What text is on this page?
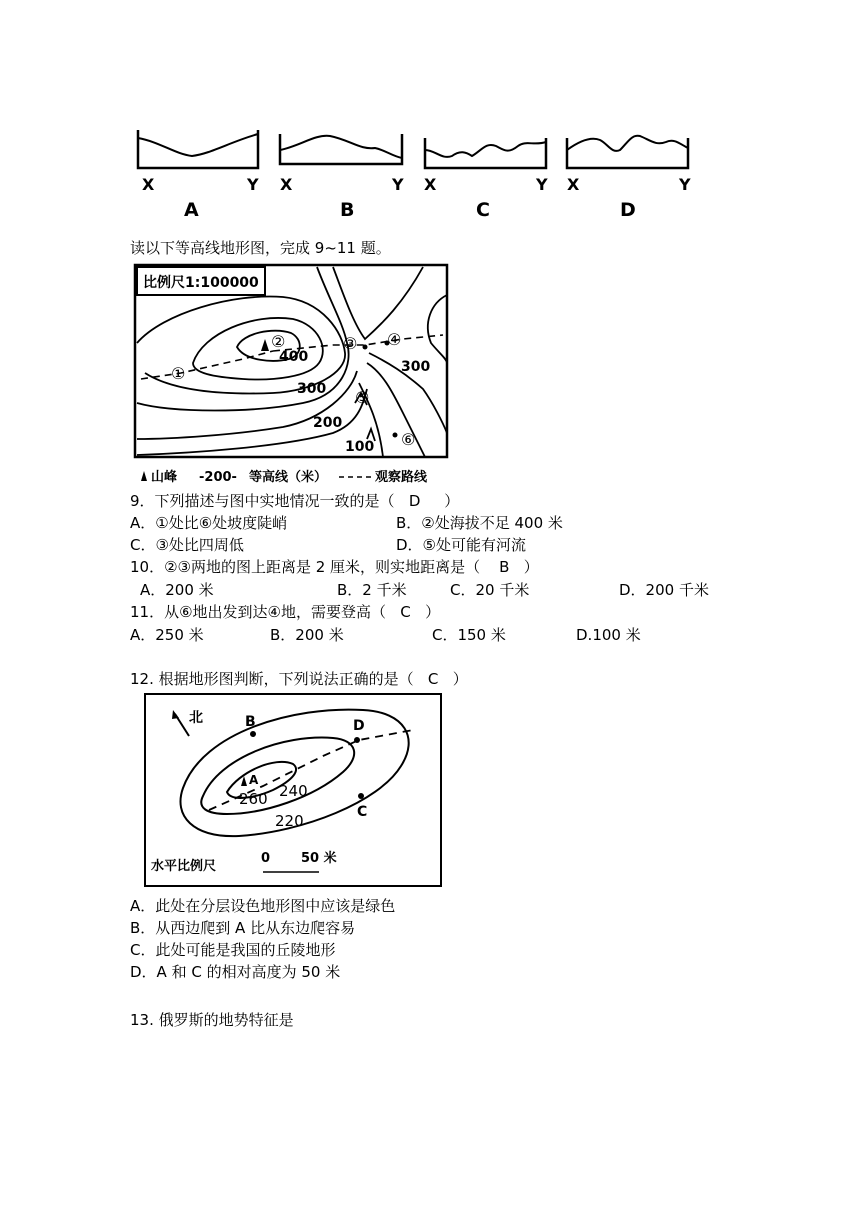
X	Y X	Y X	Y X	Y
A	B	C	D
读以下等高线地形图，完成 9~11 题。
比例尺1:100000
①
②	③ ④
⑤
⑥
400
300
300
200
100
山峰 -200- 等高线（米）	观察路线
9．下列描述与图中实地情况一致的是（   D     ）
A．①处比⑥处坡度陡峭	B．②处海拔不足 400 米
C．③处比四周低	D．⑤处可能有河流
10．②③两地的图上距离是 2 厘米，则实地距离是（    B   ）
A．200 米	B．2 千米	C．20 千米	D．200 千米
11．从⑥地出发到达④地，需要登高（   C   ）
A．250 米	B．200 米	C．150 米	D.100 米
12. 根据地形图判断，下列说法正确的是（   C   ）
北	B	D
C
A
260 240
220
水平比例尺
0 50 米
A．此处在分层设色地形图中应该是绿色
B．从西边爬到 A 比从东边爬容易
C．此处可能是我国的丘陵地形
D．A 和 C 的相对高度为 50 米
13. 俄罗斯的地势特征是
